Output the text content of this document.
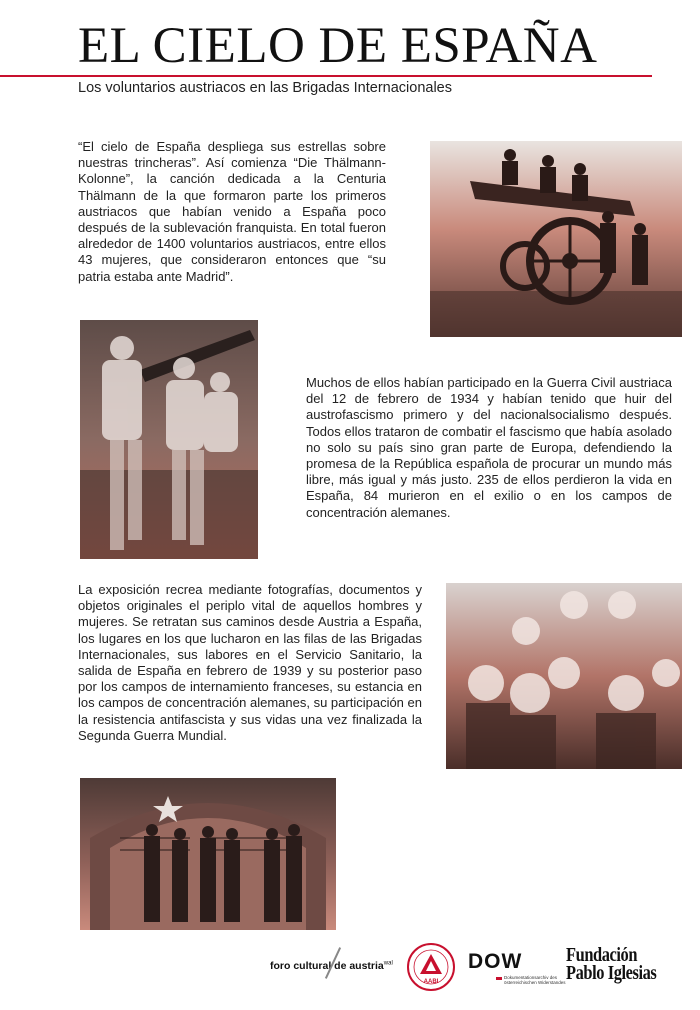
EL CIELO DE ESPAÑA
Los voluntarios austriacos en las Brigadas Internacionales
“El cielo de España despliega sus estrellas sobre nuestras trincheras”. Así comienza “Die Thälmann-Kolonne”, la canción dedicada a la Centuria Thälmann de la que formaron parte los primeros austriacos que habían venido a España poco después de la sublevación franquista. En total fueron alrededor de 1400 voluntarios austriacos, entre ellos 43 mujeres, que consideraron entonces que “su patria estaba ante Madrid”.
Muchos de ellos habían participado en la Guerra Civil austriaca del 12 de febrero de 1934 y habían tenido que huir del austrofascismo primero y del nacionalsocialismo después. Todos ellos trataron de combatir el fascismo que había asolado no solo su país sino gran parte de Europa, defendiendo la promesa de la República española de procurar un mundo más libre, más igual y más justo. 235 de ellos perdieron la vida en España, 84 murieron en el exilio o en los campos de concentración alemanes.
La exposición recrea mediante fotografías, documentos y objetos originales el periplo vital de aquellos hombres y mujeres. Se retratan sus caminos desde Austria a España, los lugares en los que lucharon en las filas de las Brigadas Internacionales, sus labores en el Servicio Sanitario, la salida de España en febrero de 1939 y su posterior paso por los campos de internamiento franceses, su estancia en los campos de concentración alemanes, su participación en la resistencia antifascista y sus vidas una vez finalizada la Segunda Guerra Mundial.
foro cultural de austria$^{wal}$
AABI
DOW
Dokumentationsarchiv des österreichischen Widerstandes
Fundación
Pablo Iglesias
